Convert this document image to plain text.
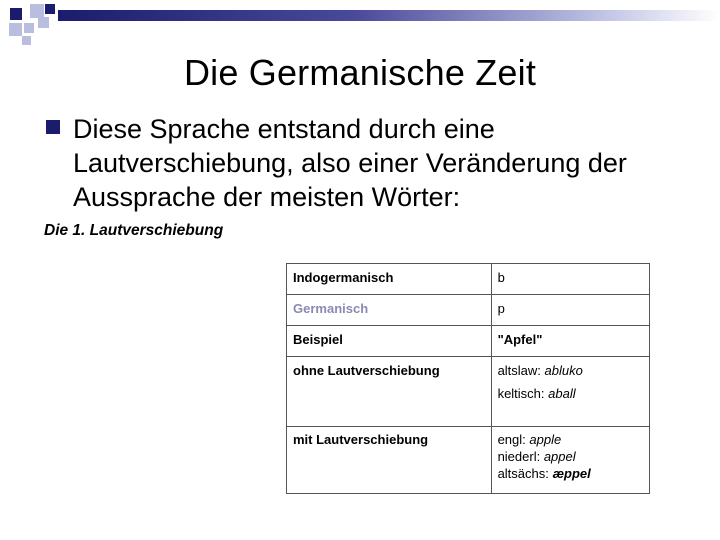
Die Germanische Zeit
Diese Sprache entstand durch eine Lautverschiebung, also einer Veränderung der Aussprache der meisten Wörter:
Die 1. Lautverschiebung
Indogermanisch	b
Germanisch	p
Beispiel	"Apfel"
ohne Lautverschiebung	altslaw: abluko
keltisch: aball

mit Lautverschiebung	engl: apple
niederl: appel
altsächs: æppel
